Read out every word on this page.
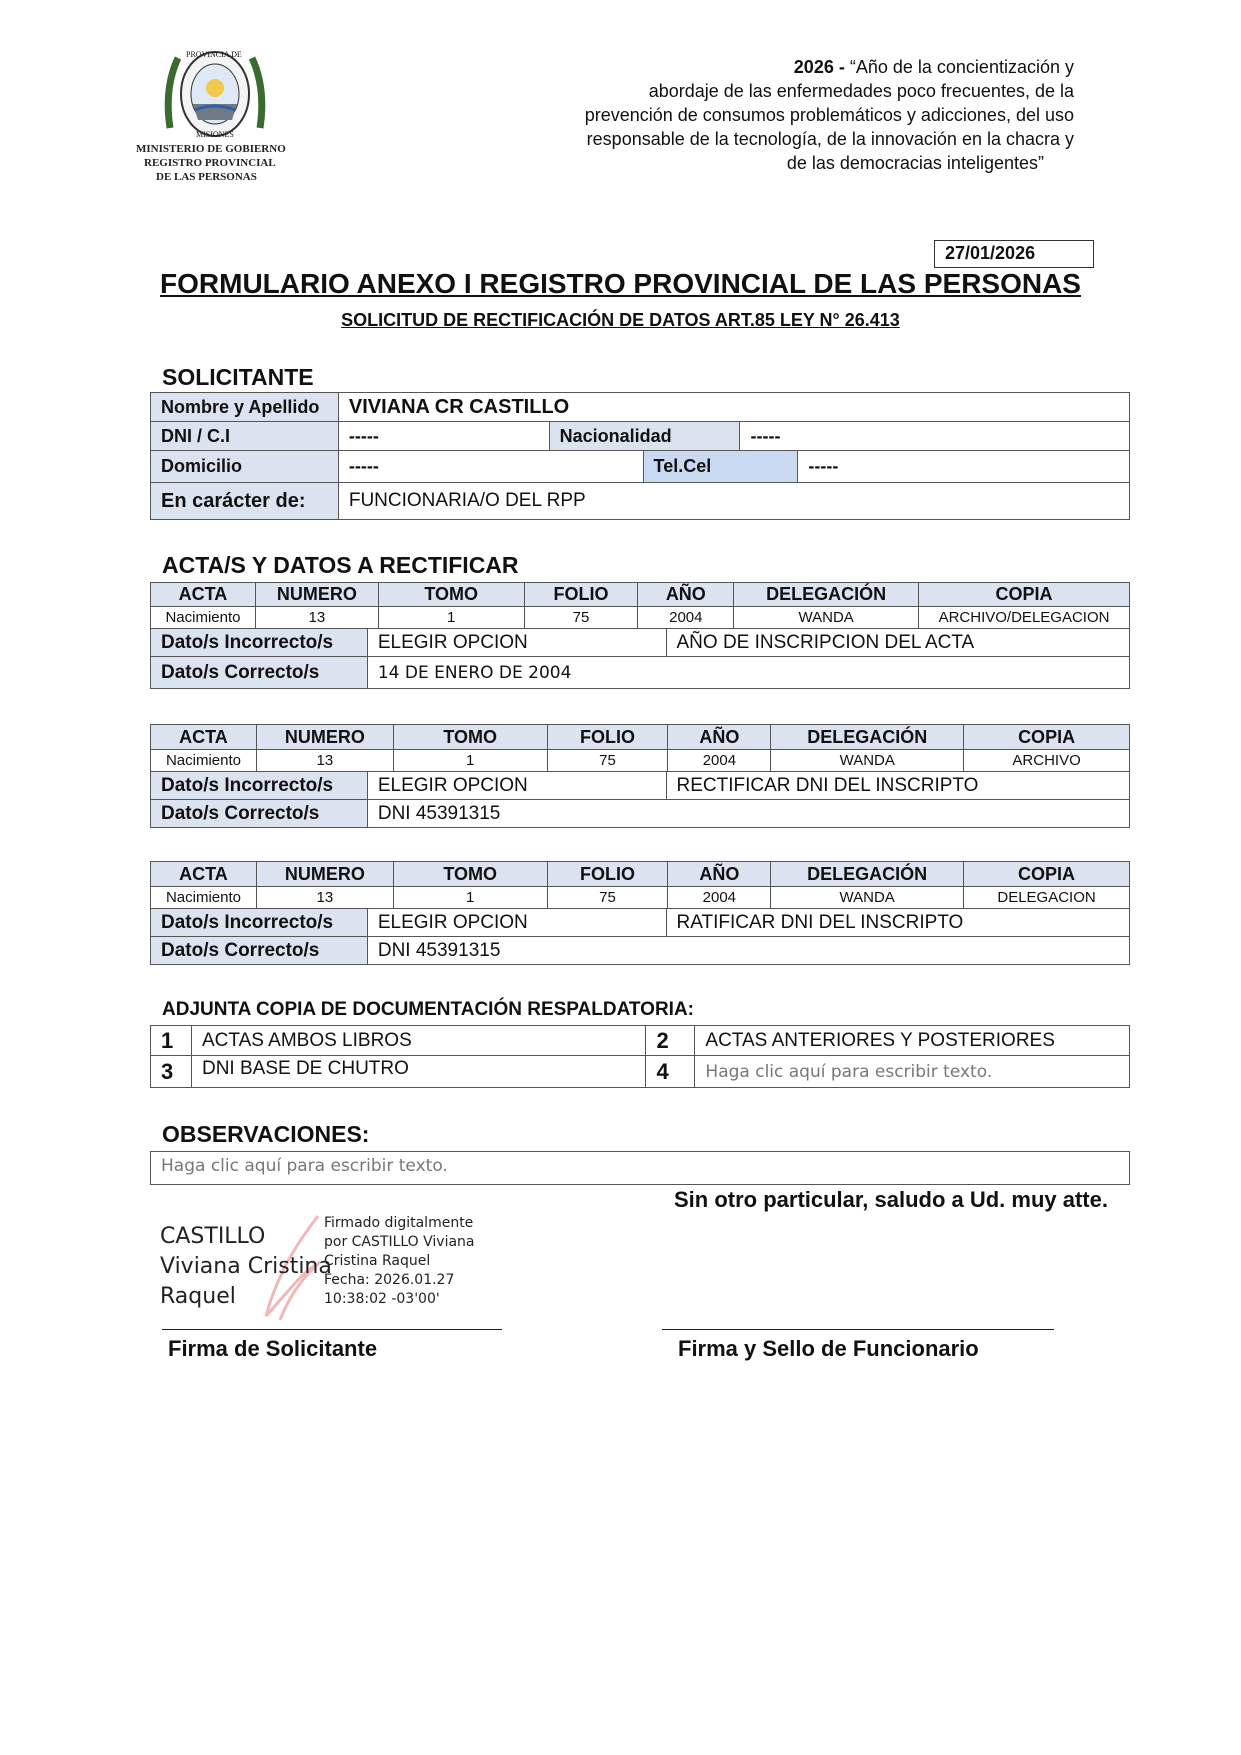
PROVINCIA DE
MISIONES
MINISTERIO DE GOBIERNO
REGISTRO PROVINCIAL
DE LAS PERSONAS
2026 - “Año de la concientización y
abordaje de las enfermedades poco frecuentes, de la
prevención de consumos problemáticos y adicciones, del uso
responsable de la tecnología, de la innovación en la chacra y
de las democracias inteligentes”
27/01/2026
FORMULARIO ANEXO I REGISTRO PROVINCIAL DE LAS PERSONAS
SOLICITUD DE RECTIFICACIÓN DE DATOS ART.85 LEY N° 26.413
SOLICITANTE
Nombre y Apellido	VIVIANA CR CASTILLO				
DNI / C.I	-----	Nacionalidad		-----	
Domicilio	-----		Tel.Cel		-----
En carácter de:	FUNCIONARIA/O DEL RPP				
ACTA/S Y DATOS A RECTIFICAR
ACTA	NUMERO	TOMO	FOLIO	AÑO	DELEGACIÓN	COPIA
Nacimiento	13	1	75	2004	WANDA	ARCHIVO/DELEGACION
Dato/s Incorrecto/s	ELEGIR OPCION	AÑO DE INSCRIPCION DEL ACTA
Dato/s Correcto/s	14 DE ENERO DE 2004	
ACTA	NUMERO	TOMO	FOLIO	AÑO	DELEGACIÓN	COPIA
Nacimiento	13	1	75	2004	WANDA	ARCHIVO
Dato/s Incorrecto/s	ELEGIR OPCION	RECTIFICAR DNI DEL INSCRIPTO
Dato/s Correcto/s	DNI 45391315	
ACTA	NUMERO	TOMO	FOLIO	AÑO	DELEGACIÓN	COPIA
Nacimiento	13	1	75	2004	WANDA	DELEGACION
Dato/s Incorrecto/s	ELEGIR OPCION	RATIFICAR DNI DEL INSCRIPTO
Dato/s Correcto/s	DNI 45391315	
ADJUNTA COPIA DE DOCUMENTACIÓN RESPALDATORIA:
1	ACTAS AMBOS LIBROS	2	ACTAS ANTERIORES Y POSTERIORES
3	DNI BASE DE CHUTRO	4	Haga clic aquí para escribir texto.
OBSERVACIONES:
Haga clic aquí para escribir texto.
Sin otro particular, saludo a Ud. muy atte.
CASTILLO
Viviana Cristina
Raquel
Firmado digitalmente
por CASTILLO Viviana
Cristina Raquel
Fecha: 2026.01.27
10:38:02 -03'00'
Firma de Solicitante	Firma y Sello de Funcionario
